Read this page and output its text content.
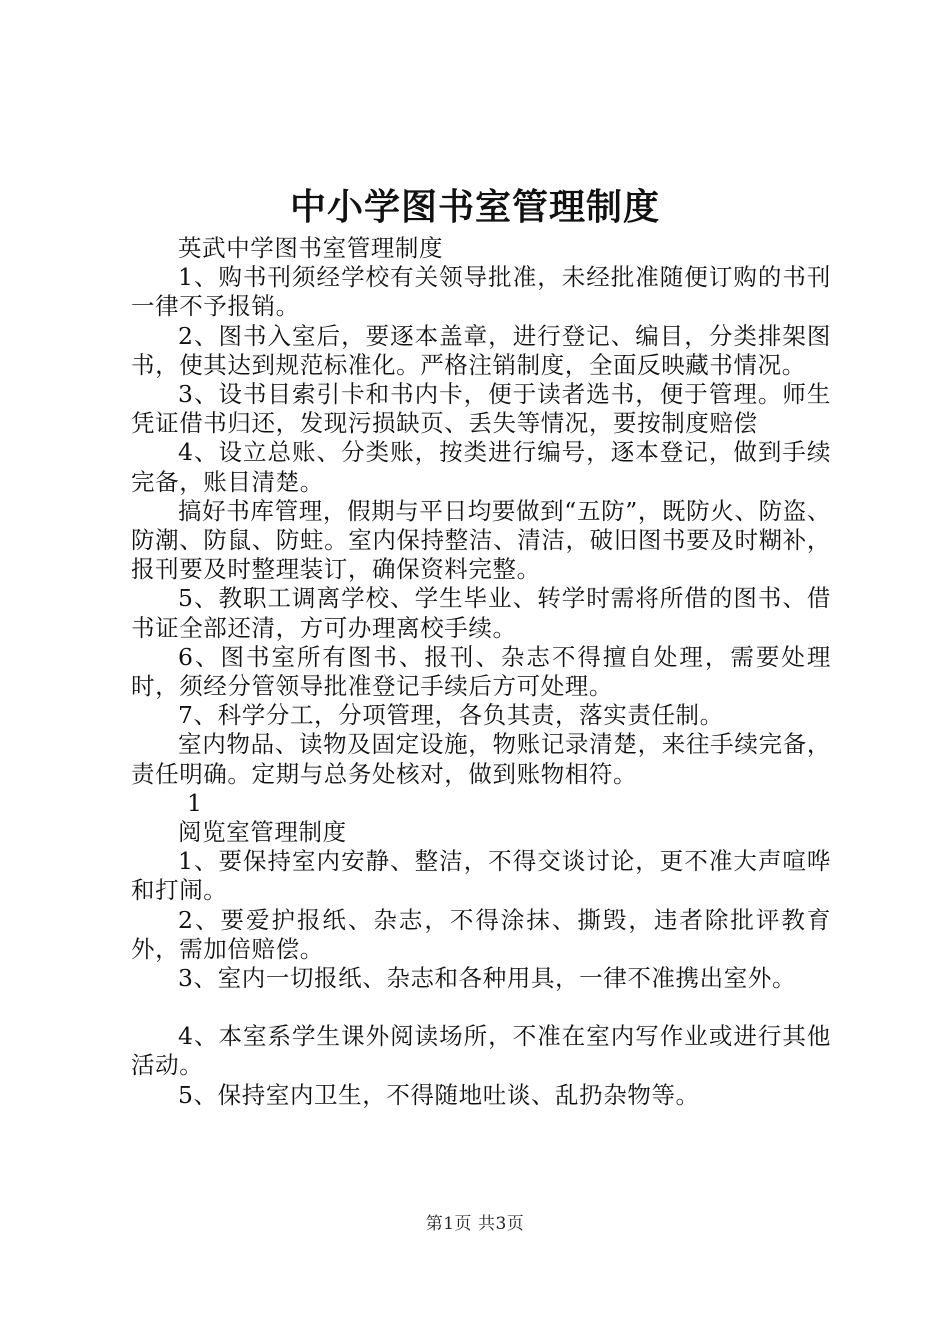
中小学图书室管理制度

英武中学图书室管理制度

1、购书刊须经学校有关领导批准，未经批准随便订购的书刊一律不予报销。

2、图书入室后，要逐本盖章，进行登记、编目，分类排架图书，使其达到规范标准化。严格注销制度，全面反映藏书情况。

3、设书目索引卡和书内卡，便于读者选书，便于管理。师生凭证借书归还，发现污损缺页、丢失等情况，要按制度赔偿

4、设立总账、分类账，按类进行编号，逐本登记，做到手续完备，账目清楚。

搞好书库管理，假期与平日均要做到“五防”，既防火、防盗、防潮、防鼠、防蛀。室内保持整洁、清洁，破旧图书要及时糊补，报刊要及时整理装订，确保资料完整。

5、教职工调离学校、学生毕业、转学时需将所借的图书、借书证全部还清，方可办理离校手续。

6、图书室所有图书、报刊、杂志不得擅自处理，需要处理时，须经分管领导批准登记手续后方可处理。

7、科学分工，分项管理，各负其责，落实责任制。

室内物品、读物及固定设施，物账记录清楚，来往手续完备，责任明确。定期与总务处核对，做到账物相符。

1

阅览室管理制度

1、要保持室内安静、整洁，不得交谈讨论，更不准大声喧哗和打闹。

2、要爱护报纸、杂志，不得涂抹、撕毁，违者除批评教育外，需加倍赔偿。

3、室内一切报纸、杂志和各种用具，一律不准携出室外。

4、本室系学生课外阅读场所，不准在室内写作业或进行其他活动。

5、保持室内卫生，不得随地吐谈、乱扔杂物等。

第1页 共3页
